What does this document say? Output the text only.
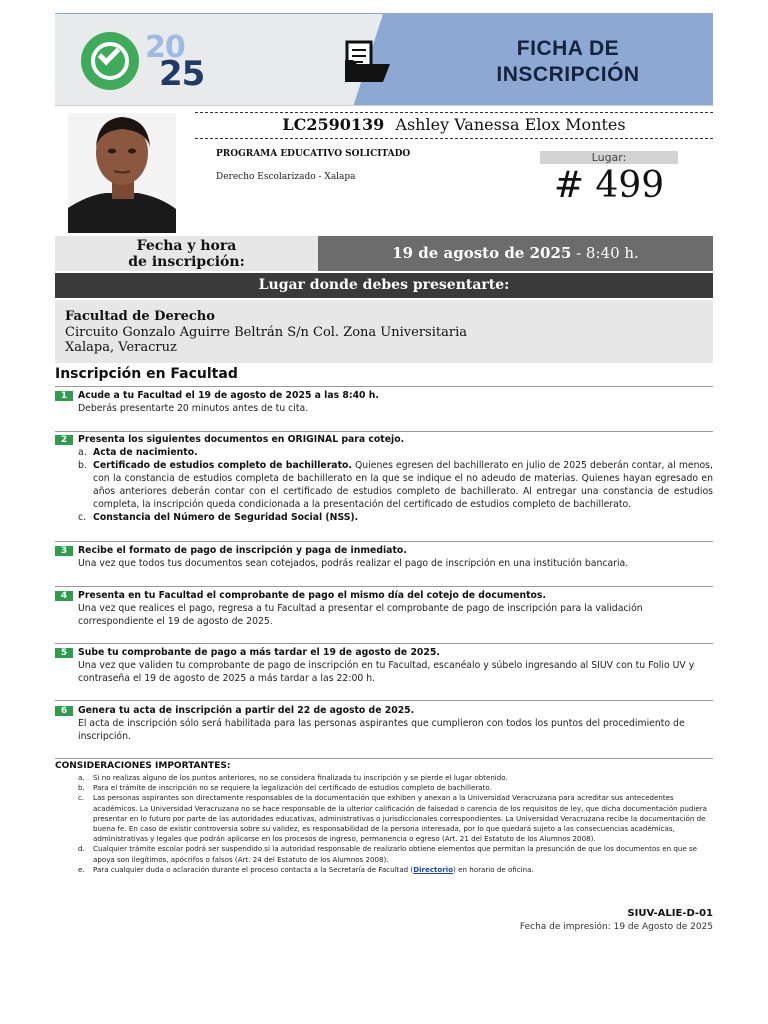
20
25
FICHA DE
INSCRIPCIÓN
LC2590139 Ashley Vanessa Elox Montes
PROGRAMA EDUCATIVO SOLICITADO
Derecho Escolarizado - Xalapa
Lugar:
# 499
Fecha y hora
de inscripción:	19 de agosto de 2025 - 8:40 h.
Lugar donde debes presentarte:
Facultad de Derecho
Circuito Gonzalo Aguirre Beltrán S/n Col. Zona Universitaria
Xalapa, Veracruz
Inscripción en Facultad
1 Acude a tu Facultad el 19 de agosto de 2025 a las 8:40 h.
Deberás presentarte 20 minutos antes de tu cita.
2 Presenta los siguientes documentos en ORIGINAL para cotejo.
a. Acta de nacimiento.
b. Certificado de estudios completo de bachillerato. Quienes egresen del bachillerato en julio de 2025 deberán contar, al menos, con la constancia de estudios completa de bachillerato en la que se indique el no adeudo de materias. Quienes hayan egresado en años anteriores deberán contar con el certificado de estudios completo de bachillerato. Al entregar una constancia de estudios completa, la inscripción queda condicionada a la presentación del certificado de estudios completo de bachillerato.
c. Constancia del Número de Seguridad Social (NSS).
3 Recibe el formato de pago de inscripción y paga de inmediato.
Una vez que todos tus documentos sean cotejados, podrás realizar el pago de inscripción en una institución bancaria.
4 Presenta en tu Facultad el comprobante de pago el mismo día del cotejo de documentos.
Una vez que realices el pago, regresa a tu Facultad a presentar el comprobante de pago de inscripción para la validación correspondiente el 19 de agosto de 2025.
5 Sube tu comprobante de pago a más tardar el 19 de agosto de 2025.
Una vez que validen tu comprobante de pago de inscripción en tu Facultad, escanéalo y súbelo ingresando al SIUV con tu Folio UV y contraseña el 19 de agosto de 2025 a más tardar a las 22:00 h.
6 Genera tu acta de inscripción a partir del 22 de agosto de 2025.
El acta de inscripción sólo será habilitada para las personas aspirantes que cumplieron con todos los puntos del procedimiento de inscripción.
CONSIDERACIONES IMPORTANTES:
a. Si no realizas alguno de los puntos anteriores, no se considera finalizada tu inscripción y se pierde el lugar obtenido.
b. Para el trámite de inscripción no se requiere la legalización del certificado de estudios completo de bachillerato.
c. Las personas aspirantes son directamente responsables de la documentación que exhiben y anexan a la Universidad Veracruzana para acreditar sus antecedentes académicos. La Universidad Veracruzana no se hace responsable de la ulterior calificación de falsedad o carencia de los requisitos de ley, que dicha documentación pudiera presentar en lo futuro por parte de las autoridades educativas, administrativas o jurisdiccionales correspondientes. La Universidad Veracruzana recibe la documentación de buena fe. En caso de existir controversia sobre su validez, es responsabilidad de la persona interesada, por lo que quedará sujeto a las consecuencias académicas, administrativas y legales que podrán aplicarse en los procesos de ingreso, permanencia o egreso (Art. 21 del Estatuto de los Alumnos 2008).
d. Cualquier trámite escolar podrá ser suspendido si la autoridad responsable de realizarlo obtiene elementos que permitan la presunción de que los documentos en que se apoya son ilegítimos, apócrifos o falsos (Art. 24 del Estatuto de los Alumnos 2008).
e. Para cualquier duda o aclaración durante el proceso contacta a la Secretaría de Facultad (Directorio) en horario de oficina.
SIUV-ALIE-D-01
Fecha de impresión: 19 de Agosto de 2025
